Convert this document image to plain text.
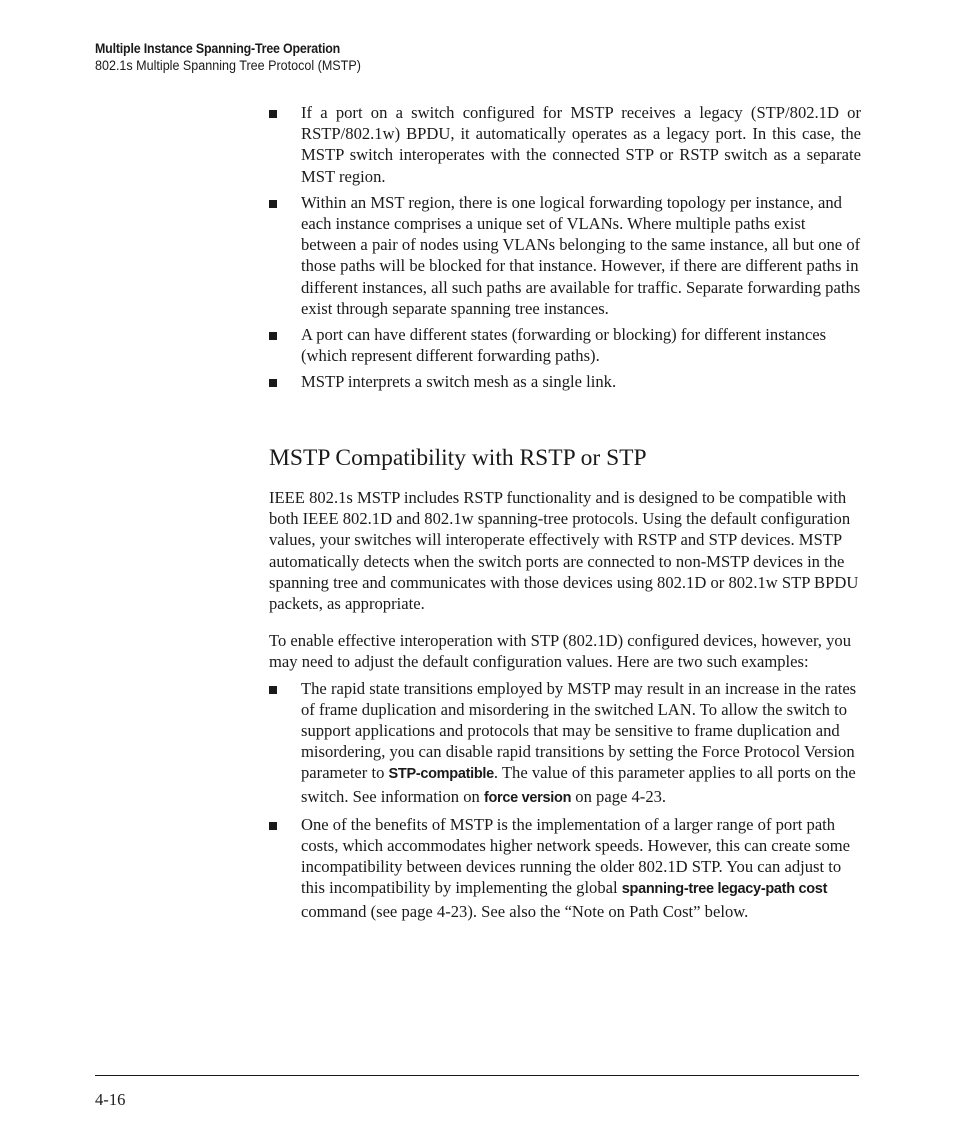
Multiple Instance Spanning-Tree Operation
802.1s Multiple Spanning Tree Protocol (MSTP)
If a port on a switch configured for MSTP receives a legacy (STP/802.1D or RSTP/802.1w) BPDU, it automatically operates as a legacy port. In this case, the MSTP switch interoperates with the connected STP or RSTP switch as a separate MST region.
Within an MST region, there is one logical forwarding topology per instance, and each instance comprises a unique set of VLANs. Where multiple paths exist between a pair of nodes using VLANs belonging to the same instance, all but one of those paths will be blocked for that instance. However, if there are different paths in different instances, all such paths are available for traffic. Separate forwarding paths exist through separate spanning tree instances.
A port can have different states (forwarding or blocking) for different instances (which represent different forwarding paths).
MSTP interprets a switch mesh as a single link.
MSTP Compatibility with RSTP or STP

IEEE 802.1s MSTP includes RSTP functionality and is designed to be compatible with both IEEE 802.1D and 802.1w spanning-tree protocols. Using the default configuration values, your switches will interoperate effectively with RSTP and STP devices. MSTP automatically detects when the switch ports are connected to non-MSTP devices in the spanning tree and communicates with those devices using 802.1D or 802.1w STP BPDU packets, as appropriate.

To enable effective interoperation with STP (802.1D) configured devices, however, you may need to adjust the default configuration values. Here are two such examples:

The rapid state transitions employed by MSTP may result in an increase in the rates of frame duplication and misordering in the switched LAN. To allow the switch to support applications and protocols that may be sensitive to frame duplication and misordering, you can disable rapid transitions by setting the Force Protocol Version parameter to STP-compatible. The value of this parameter applies to all ports on the switch. See information on force version on page 4-23.
One of the benefits of MSTP is the implementation of a larger range of port path costs, which accommodates higher network speeds. However, this can create some incompatibility between devices running the older 802.1D STP. You can adjust to this incompatibility by implementing the global spanning-tree legacy-path cost command (see page 4-23). See also the “Note on Path Cost” below.
4-16
